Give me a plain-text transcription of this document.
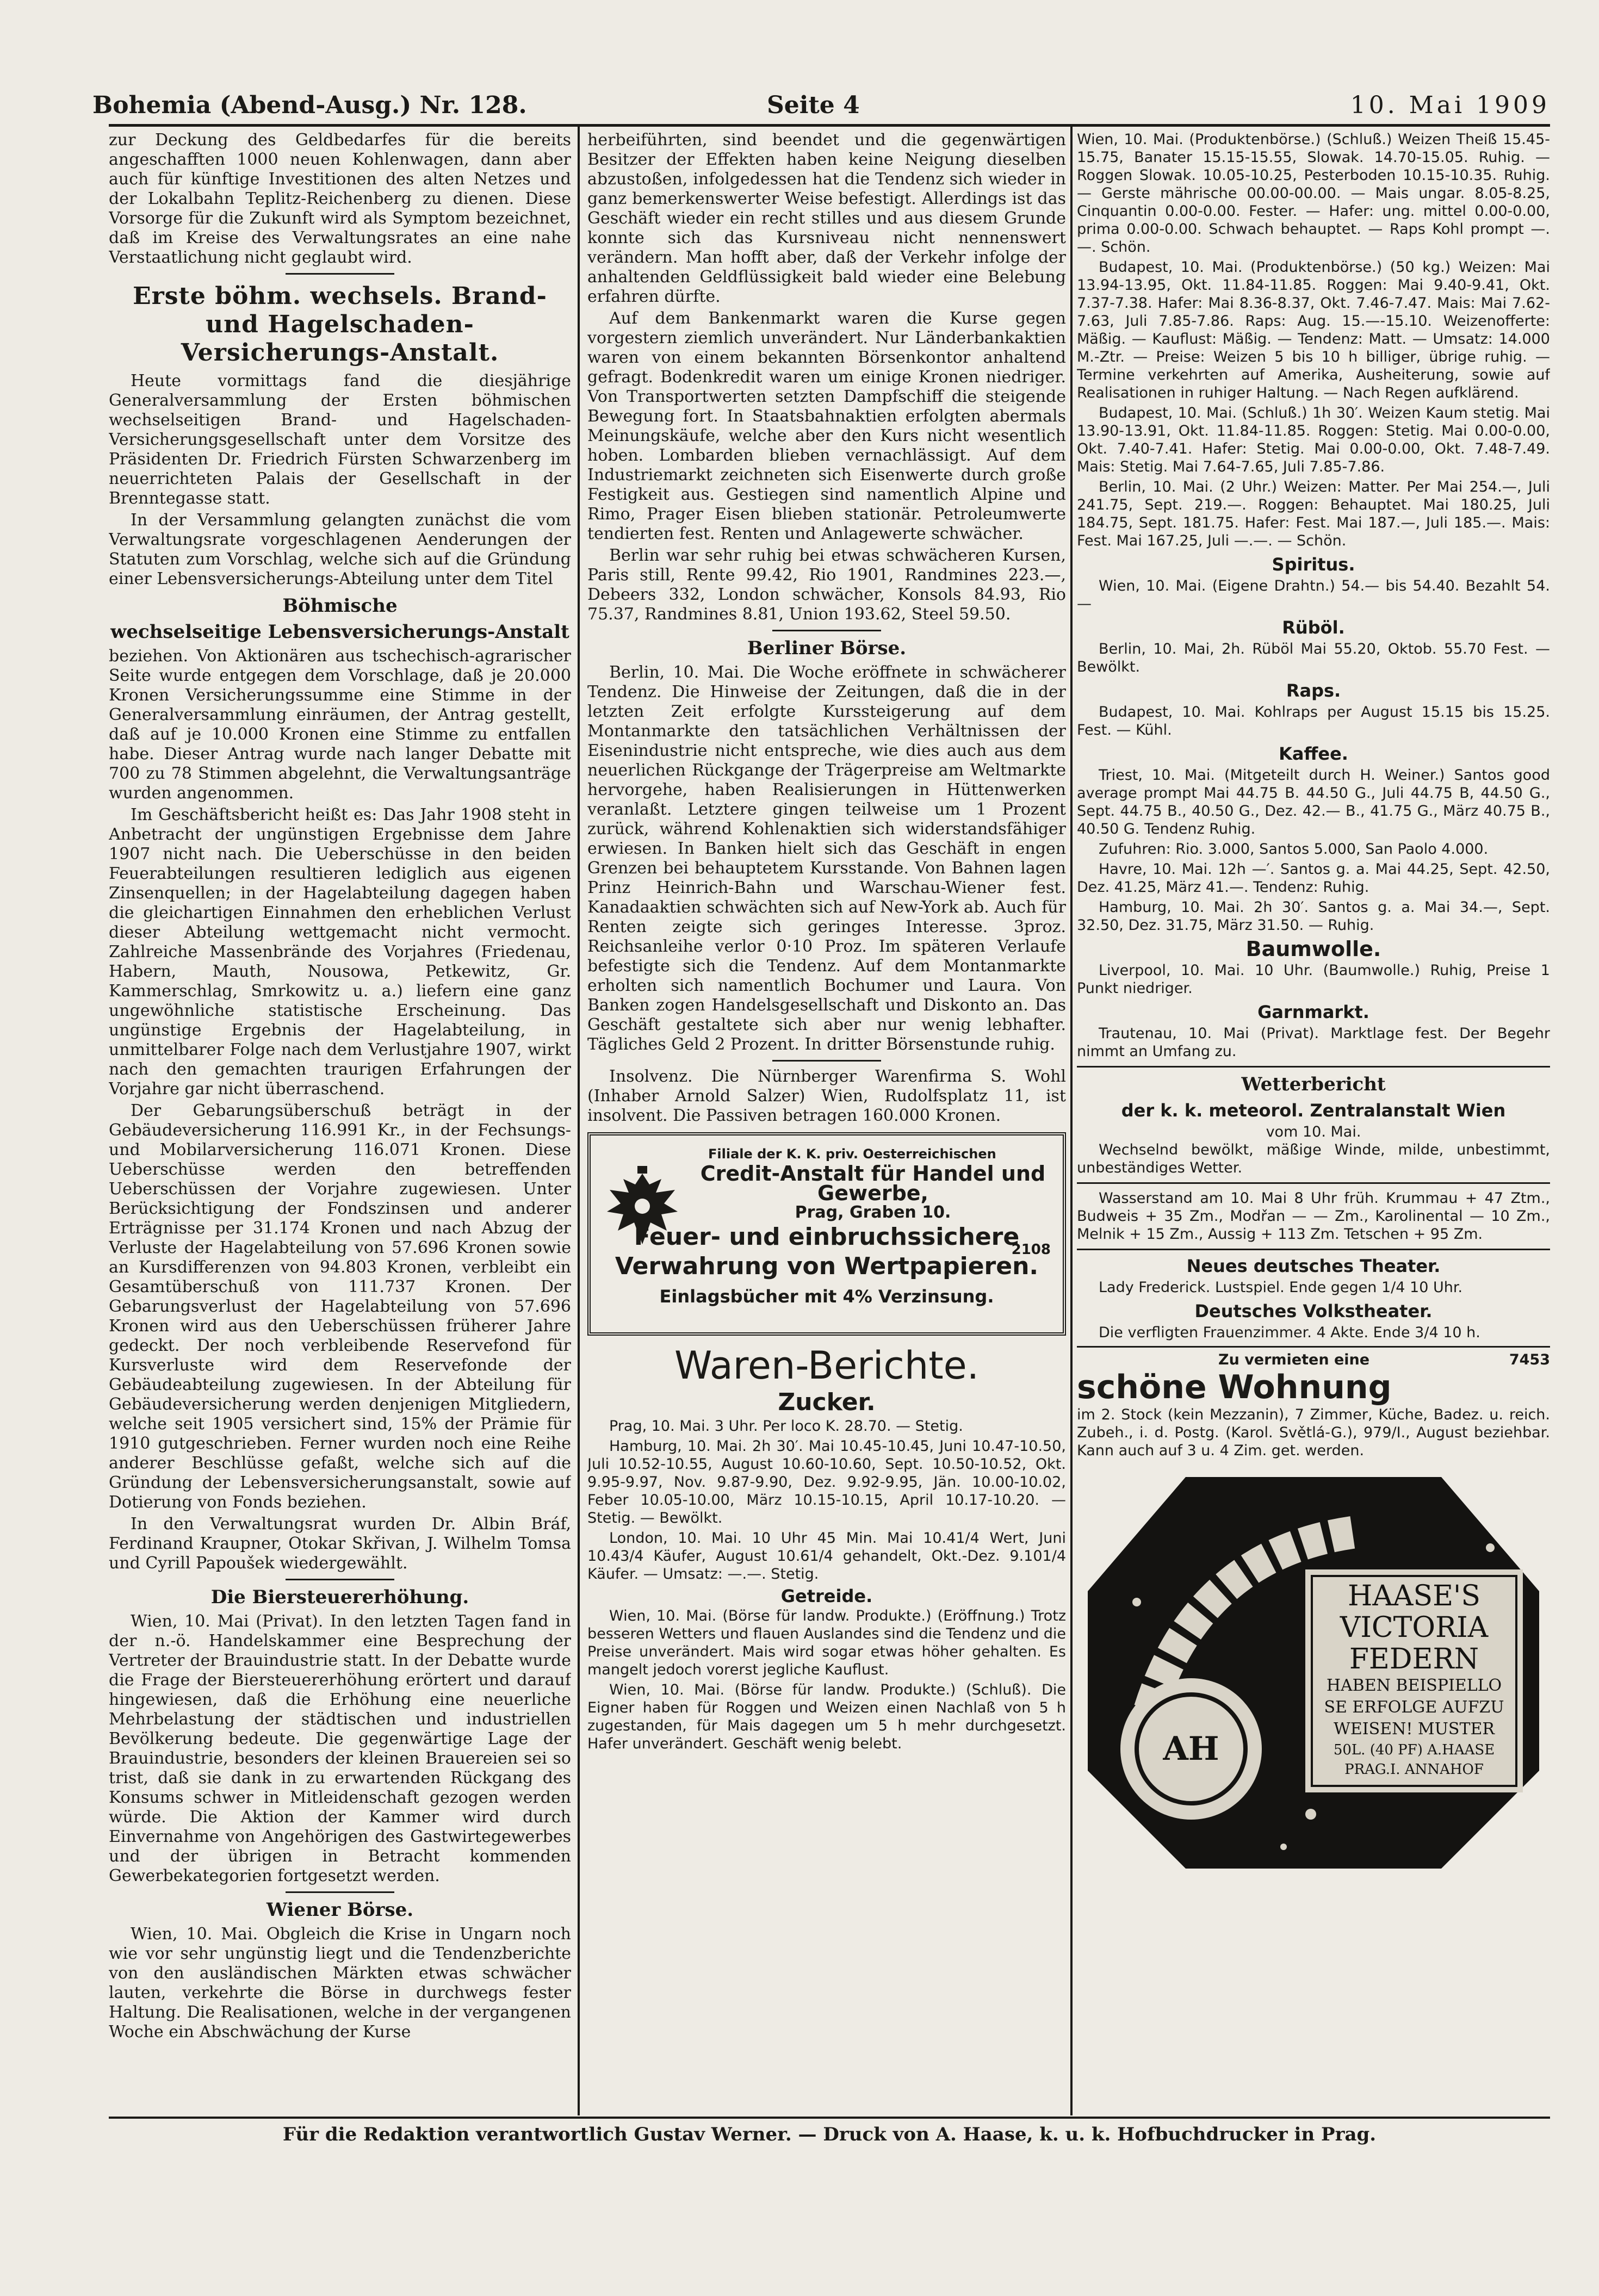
Bohemia (Abend-Ausg.) Nr. 128.	Seite 4	10. Mai 1909

zur Deckung des Geldbedarfes für die bereits angeschafften 1000 neuen Kohlenwagen, dann aber auch für künftige Investitionen des alten Netzes und der Lokalbahn Teplitz-Reichenberg zu dienen. Diese Vorsorge für die Zukunft wird als Symptom bezeichnet, daß im Kreise des Verwaltungsrates an eine nahe Verstaatlichung nicht geglaubt wird.

Erste böhm. wechsels. Brand- und Hagelschaden-Versicherungs-Anstalt.

Heute vormittags fand die diesjährige Generalversammlung der Ersten böhmischen wechselseitigen Brand- und Hagelschaden-Versicherungsgesellschaft unter dem Vorsitze des Präsidenten Dr. Friedrich Fürsten Schwarzenberg im neuerrichteten Palais der Gesellschaft in der Brenntegasse statt.

In der Versammlung gelangten zunächst die vom Verwaltungsrate vorgeschlagenen Aenderungen der Statuten zum Vorschlag, welche sich auf die Gründung einer Lebensversicherungs-Abteilung unter dem Titel

Böhmische
wechselseitige Lebensversicherungs-Anstalt

beziehen. Von Aktionären aus tschechisch-agrarischer Seite wurde entgegen dem Vorschlage, daß je 20.000 Kronen Versicherungssumme eine Stimme in der Generalversammlung einräumen, der Antrag gestellt, daß auf je 10.000 Kronen eine Stimme zu entfallen habe. Dieser Antrag wurde nach langer Debatte mit 700 zu 78 Stimmen abgelehnt, die Verwaltungsanträge wurden angenommen.

Im Geschäftsbericht heißt es: Das Jahr 1908 steht in Anbetracht der ungünstigen Ergebnisse dem Jahre 1907 nicht nach. Die Ueberschüsse in den beiden Feuerabteilungen resultieren lediglich aus eigenen Zinsenquellen; in der Hagelabteilung dagegen haben die gleichartigen Einnahmen den erheblichen Verlust dieser Abteilung wettgemacht nicht vermocht. Zahlreiche Massenbrände des Vorjahres (Friedenau, Habern, Mauth, Nousowa, Petkewitz, Gr. Kammerschlag, Smrkowitz u. a.) liefern eine ganz ungewöhnliche statistische Erscheinung. Das ungünstige Ergebnis der Hagelabteilung, in unmittelbarer Folge nach dem Verlustjahre 1907, wirkt nach den gemachten traurigen Erfahrungen der Vorjahre gar nicht überraschend.

Der Gebarungsüberschuß beträgt in der Gebäudeversicherung 116.991 Kr., in der Fechsungs- und Mobilarversicherung 116.071 Kronen. Diese Ueberschüsse werden den betreffenden Ueberschüssen der Vorjahre zugewiesen. Unter Berücksichtigung der Fondszinsen und anderer Erträgnisse per 31.174 Kronen und nach Abzug der Verluste der Hagelabteilung von 57.696 Kronen sowie an Kursdifferenzen von 94.803 Kronen, verbleibt ein Gesamtüberschuß von 111.737 Kronen. Der Gebarungsverlust der Hagelabteilung von 57.696 Kronen wird aus den Ueberschüssen früherer Jahre gedeckt. Der noch verbleibende Reservefond für Kursverluste wird dem Reservefonde der Gebäudeabteilung zugewiesen. In der Abteilung für Gebäudeversicherung werden denjenigen Mitgliedern, welche seit 1905 versichert sind, 15% der Prämie für 1910 gutgeschrieben. Ferner wurden noch eine Reihe anderer Beschlüsse gefaßt, welche sich auf die Gründung der Lebensversicherungsanstalt, sowie auf Dotierung von Fonds beziehen.

In den Verwaltungsrat wurden Dr. Albin Bráf, Ferdinand Kraupner, Otokar Skřivan, J. Wilhelm Tomsa und Cyrill Papoušek wiedergewählt.

Die Biersteuererhöhung.

Wien, 10. Mai (Privat). In den letzten Tagen fand in der n.-ö. Handelskammer eine Besprechung der Vertreter der Brauindustrie statt. In der Debatte wurde die Frage der Biersteuererhöhung erörtert und darauf hingewiesen, daß die Erhöhung eine neuerliche Mehrbelastung der städtischen und industriellen Bevölkerung bedeute. Die gegenwärtige Lage der Brauindustrie, besonders der kleinen Brauereien sei so trist, daß sie dank in zu erwartenden Rückgang des Konsums schwer in Mitleidenschaft gezogen werden würde. Die Aktion der Kammer wird durch Einvernahme von Angehörigen des Gastwirtegewerbes und der übrigen in Betracht kommenden Gewerbekategorien fortgesetzt werden.

Wiener Börse.

Wien, 10. Mai. Obgleich die Krise in Ungarn noch wie vor sehr ungünstig liegt und die Tendenzberichte von den ausländischen Märkten etwas schwächer lauten, verkehrte die Börse in durchwegs fester Haltung. Die Realisationen, welche in der vergangenen Woche ein Abschwächung der Kurse

herbeiführten, sind beendet und die gegenwärtigen Besitzer der Effekten haben keine Neigung dieselben abzustoßen, infolgedessen hat die Tendenz sich wieder in ganz bemerkenswerter Weise befestigt. Allerdings ist das Geschäft wieder ein recht stilles und aus diesem Grunde konnte sich das Kursniveau nicht nennenswert verändern. Man hofft aber, daß der Verkehr infolge der anhaltenden Geldflüssigkeit bald wieder eine Belebung erfahren dürfte.

Auf dem Bankenmarkt waren die Kurse gegen vorgestern ziemlich unverändert. Nur Länderbankaktien waren von einem bekannten Börsenkontor anhaltend gefragt. Bodenkredit waren um einige Kronen niedriger. Von Transportwerten setzten Dampfschiff die steigende Bewegung fort. In Staatsbahnaktien erfolgten abermals Meinungskäufe, welche aber den Kurs nicht wesentlich hoben. Lombarden blieben vernachlässigt. Auf dem Industriemarkt zeichneten sich Eisenwerte durch große Festigkeit aus. Gestiegen sind namentlich Alpine und Rimo, Prager Eisen blieben stationär. Petroleumwerte tendierten fest. Renten und Anlagewerte schwächer.

Berlin war sehr ruhig bei etwas schwächeren Kursen, Paris still, Rente 99.42, Rio 1901, Randmines 223.—, Debeers 332, London schwächer, Konsols 84.93, Rio 75.37, Randmines 8.81, Union 193.62, Steel 59.50.

Berliner Börse.

Berlin, 10. Mai. Die Woche eröffnete in schwächerer Tendenz. Die Hinweise der Zeitungen, daß die in der letzten Zeit erfolgte Kurssteigerung auf dem Montanmarkte den tatsächlichen Verhältnissen der Eisenindustrie nicht entspreche, wie dies auch aus dem neuerlichen Rückgange der Trägerpreise am Weltmarkte hervorgehe, haben Realisierungen in Hüttenwerken veranlaßt. Letztere gingen teilweise um 1 Prozent zurück, während Kohlenaktien sich widerstandsfähiger erwiesen. In Banken hielt sich das Geschäft in engen Grenzen bei behauptetem Kursstande. Von Bahnen lagen Prinz Heinrich-Bahn und Warschau-Wiener fest. Kanadaaktien schwächten sich auf New-York ab. Auch für Renten zeigte sich geringes Interesse. 3proz. Reichsanleihe verlor 0·10 Proz. Im späteren Verlaufe befestigte sich die Tendenz. Auf dem Montanmarkte erholten sich namentlich Bochumer und Laura. Von Banken zogen Handelsgesellschaft und Diskonto an. Das Geschäft gestaltete sich aber nur wenig lebhafter. Tägliches Geld 2 Prozent. In dritter Börsenstunde ruhig.

Insolvenz. Die Nürnberger Warenfirma S. Wohl (Inhaber Arnold Salzer) Wien, Rudolfsplatz 11, ist insolvent. Die Passiven betragen 160.000 Kronen.

Filiale der K. K. priv. Oesterreichischen
Credit-Anstalt für Handel und Gewerbe,
Prag, Graben 10.
2108
Feuer- und einbruchssichere Verwahrung von Wertpapieren.
Einlagsbücher mit 4% Verzinsung.
Waren-Berichte.
Zucker.

Prag, 10. Mai. 3 Uhr. Per loco K. 28.70. — Stetig.

Hamburg, 10. Mai. 2h 30′. Mai 10.45-10.45, Juni 10.47-10.50, Juli 10.52-10.55, August 10.60-10.60, Sept. 10.50-10.52, Okt. 9.95-9.97, Nov. 9.87-9.90, Dez. 9.92-9.95, Jän. 10.00-10.02, Feber 10.05-10.00, März 10.15-10.15, April 10.17-10.20. — Stetig. — Bewölkt.

London, 10. Mai. 10 Uhr 45 Min. Mai 10.41/4 Wert, Juni 10.43/4 Käufer, August 10.61/4 gehandelt, Okt.-Dez. 9.101/4 Käufer. — Umsatz: —.—. Stetig.

Getreide.

Wien, 10. Mai. (Börse für landw. Produkte.) (Eröffnung.) Trotz besseren Wetters und flauen Auslandes sind die Tendenz und die Preise unverändert. Mais wird sogar etwas höher gehalten. Es mangelt jedoch vorerst jegliche Kauflust.

Wien, 10. Mai. (Börse für landw. Produkte.) (Schluß). Die Eigner haben für Roggen und Weizen einen Nachlaß von 5 h zugestanden, für Mais dagegen um 5 h mehr durchgesetzt. Hafer unverändert. Geschäft wenig belebt.

Wien, 10. Mai. (Produktenbörse.) (Schluß.) Weizen Theiß 15.45-15.75, Banater 15.15-15.55, Slowak. 14.70-15.05. Ruhig. — Roggen Slowak. 10.05-10.25, Pesterboden 10.15-10.35. Ruhig. — Gerste mährische 00.00-00.00. — Mais ungar. 8.05-8.25, Cinquantin 0.00-0.00. Fester. — Hafer: ung. mittel 0.00-0.00, prima 0.00-0.00. Schwach behauptet. — Raps Kohl prompt —.—. Schön.

Budapest, 10. Mai. (Produktenbörse.) (50 kg.) Weizen: Mai 13.94-13.95, Okt. 11.84-11.85. Roggen: Mai 9.40-9.41, Okt. 7.37-7.38. Hafer: Mai 8.36-8.37, Okt. 7.46-7.47. Mais: Mai 7.62-7.63, Juli 7.85-7.86. Raps: Aug. 15.—-15.10. Weizenofferte: Mäßig. — Kauflust: Mäßig. — Tendenz: Matt. — Umsatz: 14.000 M.-Ztr. — Preise: Weizen 5 bis 10 h billiger, übrige ruhig. — Termine verkehrten auf Amerika, Ausheiterung, sowie auf Realisationen in ruhiger Haltung. — Nach Regen aufklärend.

Budapest, 10. Mai. (Schluß.) 1h 30′. Weizen Kaum stetig. Mai 13.90-13.91, Okt. 11.84-11.85. Roggen: Stetig. Mai 0.00-0.00, Okt. 7.40-7.41. Hafer: Stetig. Mai 0.00-0.00, Okt. 7.48-7.49. Mais: Stetig. Mai 7.64-7.65, Juli 7.85-7.86.

Berlin, 10. Mai. (2 Uhr.) Weizen: Matter. Per Mai 254.—, Juli 241.75, Sept. 219.—. Roggen: Behauptet. Mai 180.25, Juli 184.75, Sept. 181.75. Hafer: Fest. Mai 187.—, Juli 185.—. Mais: Fest. Mai 167.25, Juli —.—. — Schön.

Spiritus.

Wien, 10. Mai. (Eigene Drahtn.) 54.— bis 54.40. Bezahlt 54.—

Rüböl.

Berlin, 10. Mai, 2h. Rüböl Mai 55.20, Oktob. 55.70 Fest. — Bewölkt.

Raps.

Budapest, 10. Mai. Kohlraps per August 15.15 bis 15.25. Fest. — Kühl.

Kaffee.

Triest, 10. Mai. (Mitgeteilt durch H. Weiner.) Santos good average prompt Mai 44.75 B. 44.50 G., Juli 44.75 B, 44.50 G., Sept. 44.75 B., 40.50 G., Dez. 42.— B., 41.75 G., März 40.75 B., 40.50 G. Tendenz Ruhig.

Zufuhren: Rio. 3.000, Santos 5.000, San Paolo 4.000.

Havre, 10. Mai. 12h —′. Santos g. a. Mai 44.25, Sept. 42.50, Dez. 41.25, März 41.—. Tendenz: Ruhig.

Hamburg, 10. Mai. 2h 30′. Santos g. a. Mai 34.—, Sept. 32.50, Dez. 31.75, März 31.50. — Ruhig.

Baumwolle.

Liverpool, 10. Mai. 10 Uhr. (Baumwolle.) Ruhig, Preise 1 Punkt niedriger.

Garnmarkt.

Trautenau, 10. Mai (Privat). Marktlage fest. Der Begehr nimmt an Umfang zu.

Wetterbericht
der k. k. meteorol. Zentralanstalt Wien
vom 10. Mai.

Wechselnd bewölkt, mäßige Winde, milde, unbestimmt, unbeständiges Wetter.

Wasserstand am 10. Mai 8 Uhr früh. Krummau + 47 Ztm., Budweis + 35 Zm., Modřan — — Zm., Karolinental — 10 Zm., Melnik + 15 Zm., Aussig + 113 Zm. Tetschen + 95 Zm.

Neues deutsches Theater.

Lady Frederick. Lustspiel. Ende gegen 1/4 10 Uhr.

Deutsches Volkstheater.

Die verfligten Frauenzimmer. 4 Akte. Ende 3/4 10 h.

Zu vermieten eine	7453
schöne Wohnung

im 2. Stock (kein Mezzanin), 7 Zimmer, Küche, Badez. u. reich. Zubeh., i. d. Postg. (Karol. Světlá-G.), 979/I., August beziehbar. Kann auch auf 3 u. 4 Zim. get. werden.

AH
HAASE'S
VICTORIA
FEDERN
HABEN BEISPIELLO
SE ERFOLGE AUFZU
WEISEN! MUSTER
50L. (40 PF) A.HAASE
PRAG.I. ANNAHOF
Für die Redaktion verantwortlich Gustav Werner. — Druck von A. Haase, k. u. k. Hofbuchdrucker in Prag.
